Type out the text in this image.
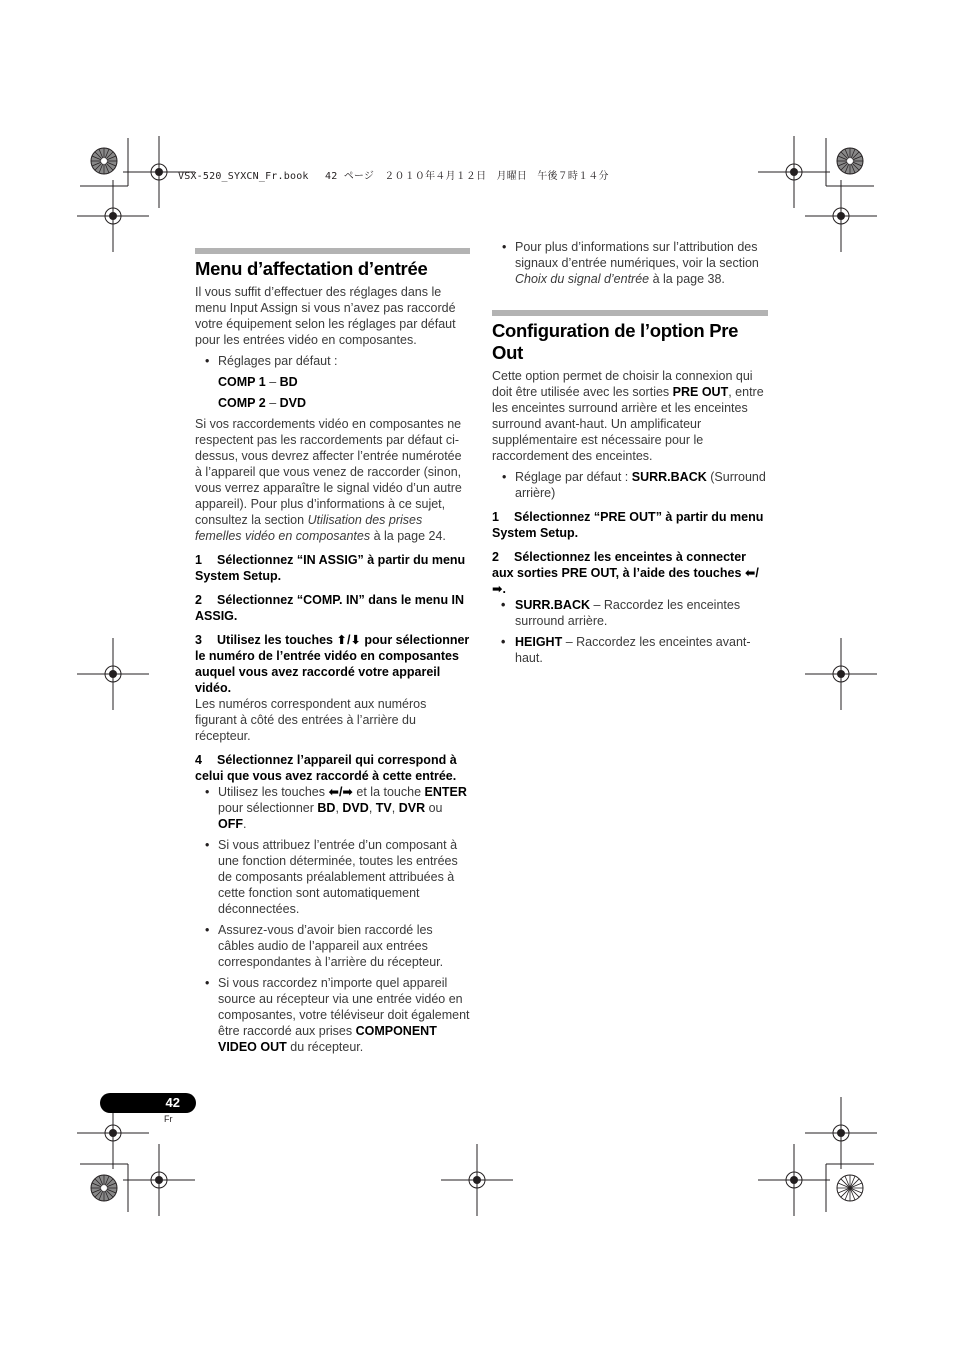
VSX-520_SYXCN_Fr.book　 42 ページ　２０１０年４月１２日　月曜日　午後７時１４分
Menu d’affectation d’entrée

Il vous suffit d’effectuer des réglages dans le menu Input Assign si vous n’avez pas raccordé votre équipement selon les réglages par défaut pour les entrées vidéo en composantes.

• Réglages par défaut :

COMP 1 – BD

COMP 2 – DVD

Si vos raccordements vidéo en composantes ne respectent pas les raccordements par défaut ci-dessus, vous devrez affecter l’entrée numérotée à l’appareil que vous venez de raccorder (sinon, vous verrez apparaître le signal vidéo d’un autre appareil). Pour plus d’informations à ce sujet, consultez la section Utilisation des prises femelles vidéo en composantes à la page 24.

1 Sélectionnez “IN ASSIG” à partir du menu System Setup.

2 Sélectionnez “COMP. IN” dans le menu IN ASSIG.

3 Utilisez les touches ⬆/⬇ pour sélectionner le numéro de l’entrée vidéo en composantes auquel vous avez raccordé votre appareil vidéo.

Les numéros correspondent aux numéros figurant à côté des entrées à l’arrière du récepteur.

4 Sélectionnez l’appareil qui correspond à celui que vous avez raccordé à cette entrée.

• Utilisez les touches ⬅/➡ et la touche ENTER pour sélectionner BD, DVD, TV, DVR ou OFF.
• Si vous attribuez l’entrée d’un composant à une fonction déterminée, toutes les entrées de composants préalablement attribuées à cette fonction sont automatiquement déconnectées.
• Assurez-vous d’avoir bien raccordé les câbles audio de l’appareil aux entrées correspondantes à l’arrière du récepteur.
• Si vous raccordez n’importe quel appareil source au récepteur via une entrée vidéo en composantes, votre téléviseur doit également être raccordé aux prises COMPONENT VIDEO OUT du récepteur.
• Pour plus d’informations sur l’attribution des signaux d’entrée numériques, voir la section Choix du signal d’entrée à la page 38.
Configuration de l’option Pre Out

Cette option permet de choisir la connexion qui doit être utilisée avec les sorties PRE OUT, entre les enceintes surround arrière et les enceintes surround avant-haut. Un amplificateur supplémentaire est nécessaire pour le raccordement des enceintes.

• Réglage par défaut : SURR.BACK (Surround arrière)

1 Sélectionnez “PRE OUT” à partir du menu System Setup.

2 Sélectionnez les enceintes à connecter aux sorties PRE OUT, à l’aide des touches ⬅/➡.

• SURR.BACK – Raccordez les enceintes surround arrière.
• HEIGHT – Raccordez les enceintes avant-haut.
42
Fr
